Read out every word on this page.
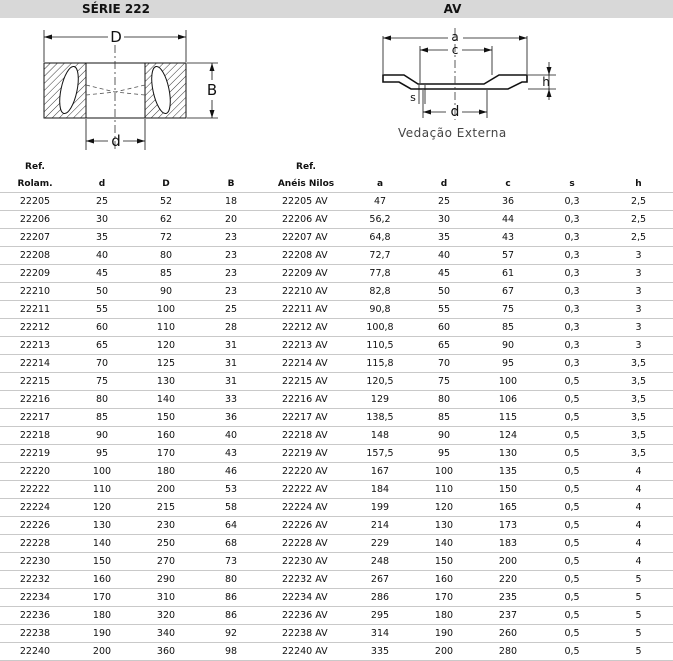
SÉRIE 222	AV
D
B
d
a
c
d
h
s
Vedação Externa
Ref.				Ref.					
Rolam.	d	D	B	Anéis Nilos	a	d	c	s	h
22205	25	52	18	22205 AV	47	25	36	0,3	2,5
22206	30	62	20	22206 AV	56,2	30	44	0,3	2,5
22207	35	72	23	22207 AV	64,8	35	43	0,3	2,5
22208	40	80	23	22208 AV	72,7	40	57	0,3	3
22209	45	85	23	22209 AV	77,8	45	61	0,3	3
22210	50	90	23	22210 AV	82,8	50	67	0,3	3
22211	55	100	25	22211 AV	90,8	55	75	0,3	3
22212	60	110	28	22212 AV	100,8	60	85	0,3	3
22213	65	120	31	22213 AV	110,5	65	90	0,3	3
22214	70	125	31	22214 AV	115,8	70	95	0,3	3,5
22215	75	130	31	22215 AV	120,5	75	100	0,5	3,5
22216	80	140	33	22216 AV	129	80	106	0,5	3,5
22217	85	150	36	22217 AV	138,5	85	115	0,5	3,5
22218	90	160	40	22218 AV	148	90	124	0,5	3,5
22219	95	170	43	22219 AV	157,5	95	130	0,5	3,5
22220	100	180	46	22220 AV	167	100	135	0,5	4
22222	110	200	53	22222 AV	184	110	150	0,5	4
22224	120	215	58	22224 AV	199	120	165	0,5	4
22226	130	230	64	22226 AV	214	130	173	0,5	4
22228	140	250	68	22228 AV	229	140	183	0,5	4
22230	150	270	73	22230 AV	248	150	200	0,5	4
22232	160	290	80	22232 AV	267	160	220	0,5	5
22234	170	310	86	22234 AV	286	170	235	0,5	5
22236	180	320	86	22236 AV	295	180	237	0,5	5
22238	190	340	92	22238 AV	314	190	260	0,5	5
22240	200	360	98	22240 AV	335	200	280	0,5	5
